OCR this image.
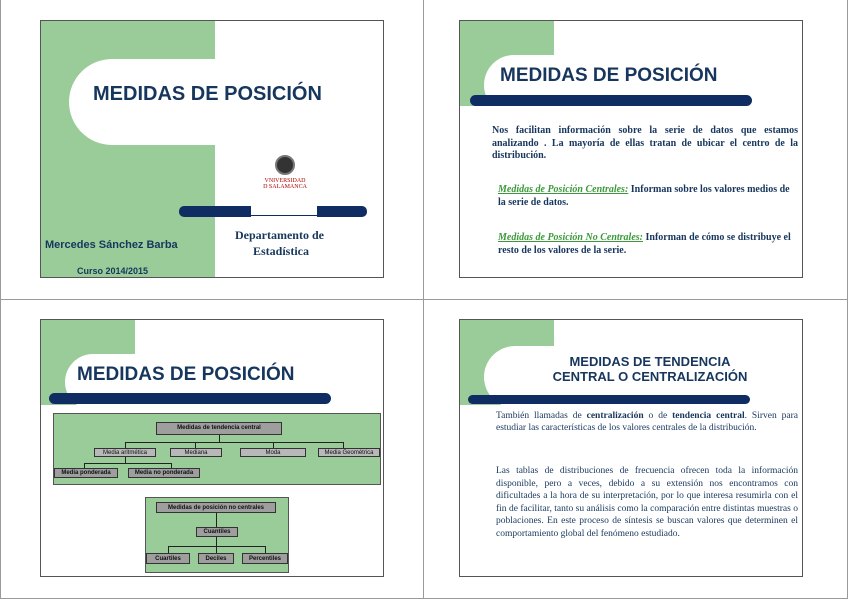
MEDIDAS DE POSICIÓN
VNIVERSIDAD
D SALAMANCA
Mercedes Sánchez Barba
Curso 2014/2015
Departamento de
Estadística
MEDIDAS DE POSICIÓN
Nos facilitan información sobre la serie de datos que estamos analizando . La mayoría de ellas tratan de ubicar el centro de la distribución.
Medidas de Posición Centrales: Informan sobre los valores medios de la serie de datos.
Medidas de Posición No Centrales: Informan de cómo se distribuye el resto de los valores de la serie.
MEDIDAS DE POSICIÓN
Medidas de tendencia central
Media aritmética	Mediana	Moda	Media Geométrica
Media ponderada	Media no ponderada
Medidas de posición no centrales
Cuantiles
Cuartiles	Deciles	Percentiles
MEDIDAS DE TENDENCIA
CENTRAL O CENTRALIZACIÓN
También llamadas de centralización o de tendencia central. Sirven para estudiar las características de los valores centrales de la distribución.
Las tablas de distribuciones de frecuencia ofrecen toda la información disponible, pero a veces, debido a su extensión nos encontramos con dificultades a la hora de su interpretación, por lo que interesa resumirla con el fin de facilitar, tanto su análisis como la comparación entre distintas muestras o poblaciones. En este proceso de síntesis se buscan valores que determinen el comportamiento global del fenómeno estudiado.
